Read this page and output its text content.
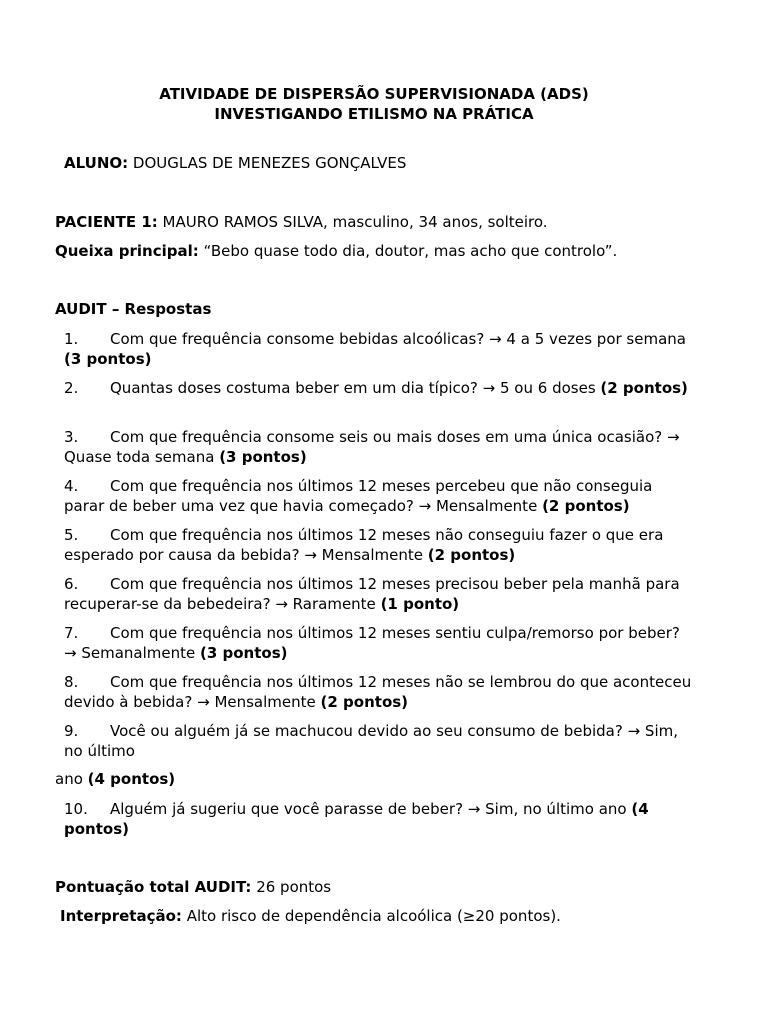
ATIVIDADE DE DISPERSÃO SUPERVISIONADA (ADS)
INVESTIGANDO ETILISMO NA PRÁTICA
ALUNO: DOUGLAS DE MENEZES GONÇALVES
PACIENTE 1: MAURO RAMOS SILVA, masculino, 34 anos, solteiro.
Queixa principal: “Bebo quase todo dia, doutor, mas acho que controlo”.
AUDIT – Respostas
1. Com que frequência consome bebidas alcoólicas? → 4 a 5 vezes por semana (3 pontos)
2. Quantas doses costuma beber em um dia típico? → 5 ou 6 doses (2 pontos)
3. Com que frequência consome seis ou mais doses em uma única ocasião? → Quase toda semana (3 pontos)
4. Com que frequência nos últimos 12 meses percebeu que não conseguia parar de beber uma vez que havia começado? → Mensalmente (2 pontos)
5. Com que frequência nos últimos 12 meses não conseguiu fazer o que era esperado por causa da bebida? → Mensalmente (2 pontos)
6. Com que frequência nos últimos 12 meses precisou beber pela manhã para recuperar-se da bebedeira? → Raramente (1 ponto)
7. Com que frequência nos últimos 12 meses sentiu culpa/remorso por beber? → Semanalmente (3 pontos)
8. Com que frequência nos últimos 12 meses não se lembrou do que aconteceu devido à bebida? → Mensalmente (2 pontos)
9. Você ou alguém já se machucou devido ao seu consumo de bebida? → Sim, no último
ano (4 pontos)
10. Alguém já sugeriu que você parasse de beber? → Sim, no último ano (4 pontos)
Pontuação total AUDIT: 26 pontos
Interpretação: Alto risco de dependência alcoólica (≥20 pontos).
